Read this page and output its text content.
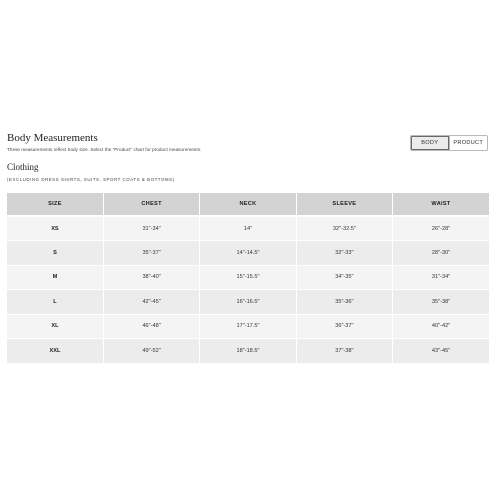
Body Measurements
These measurements reflect body size. Select the "Product" chart for product measurements.
BODY	PRODUCT
Clothing
(EXCLUDING DRESS SHIRTS, SUITS, SPORT COATS & BOTTOMS)
SIZE	CHEST	NECK	SLEEVE	WAIST
XS	31"-34"	14"	32"-32.5"	26"-28"
S	35"-37"	14"-14.5"	32"-33"	28"-30"
M	38"-40"	15"-15.5"	34"-35"	31"-34"
L	42"-45"	16"-16.5"	35"-36"	35"-38"
XL	46"-48"	17"-17.5"	36"-37"	40"-42"
XXL	49"-52"	18"-18.5"	37"-38"	43"-45"
